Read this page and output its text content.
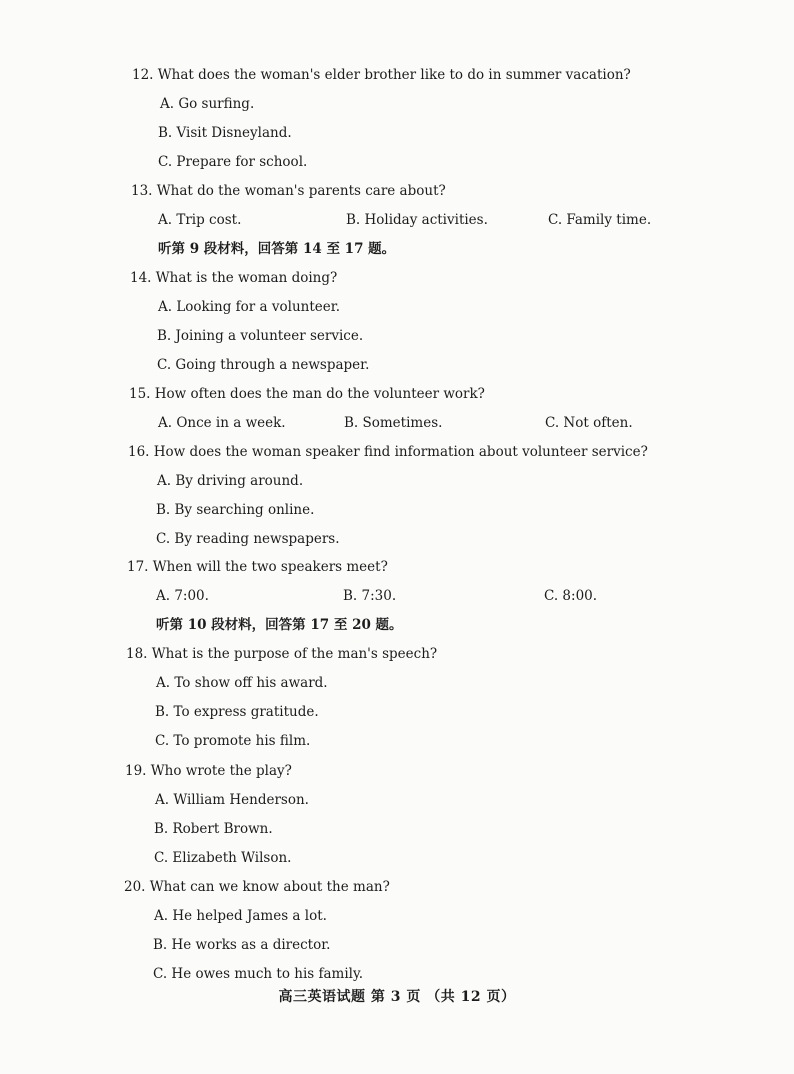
12. What does the woman's elder brother like to do in summer vacation?
A. Go surfing.
B. Visit Disneyland.
C. Prepare for school.
13. What do the woman's parents care about?
A. Trip cost.	B. Holiday activities.	C. Family time.
听第 9 段材料，回答第 14 至 17 题。
14. What is the woman doing?
A. Looking for a volunteer.
B. Joining a volunteer service.
C. Going through a newspaper.
15. How often does the man do the volunteer work?
A. Once in a week.	B. Sometimes.	C. Not often.
16. How does the woman speaker find information about volunteer service?
A. By driving around.
B. By searching online.
C. By reading newspapers.
17. When will the two speakers meet?
A. 7:00.	B. 7:30.	C. 8:00.
听第 10 段材料，回答第 17 至 20 题。
18. What is the purpose of the man's speech?
A. To show off his award.
B. To express gratitude.
C. To promote his film.
19. Who wrote the play?
A. William Henderson.
B. Robert Brown.
C. Elizabeth Wilson.
20. What can we know about the man?
A. He helped James a lot.
B. He works as a director.
C. He owes much to his family.
高三英语试题 第 3 页 （共 12 页）
